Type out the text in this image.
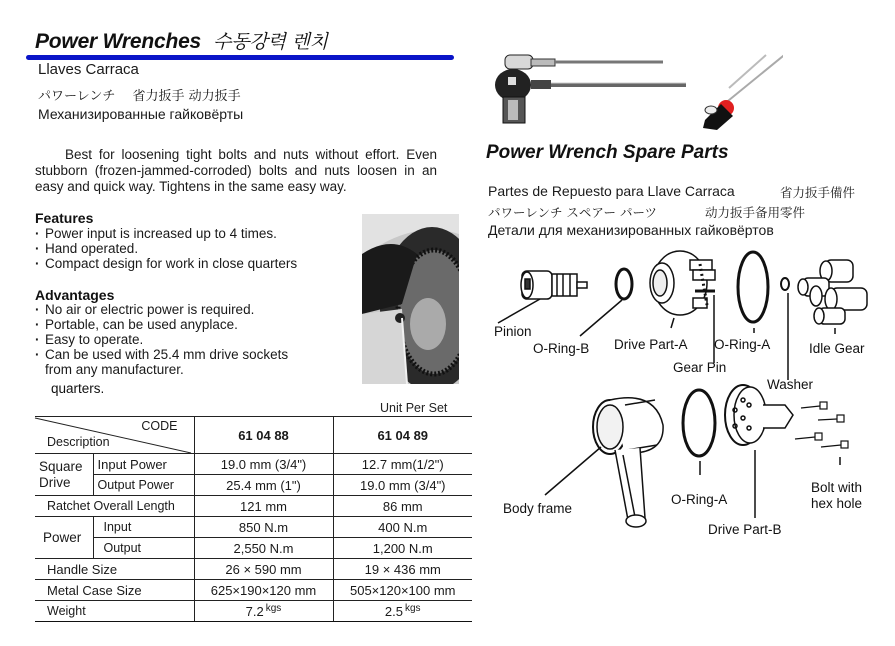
Power Wrenches 수동강력 렌치
Llaves Carraca
パワーレンチ　 省力扳手 动力扳手
Механизированные гайковёрты

Best for loosening tight bolts and nuts without effort. Even stubborn (frozen-jammed-corroded) bolts and nuts loosen in an easy and quick way. Tightens in the same easy way.

Features
· Power input is increased up to 4 times.
· Hand operated.
· Compact design for work in close quarters
Advantages
· No air or electric power is required.
· Portable, can be used anyplace.
· Easy to operate.
· Can be used with 25.4 mm drive sockets
from any manufacturer.
quarters.
Unit Per Set
CODE
Description		61 04 88	61 04 89
Square
Drive	Input Power	19.0 mm (3/4")	12.7 mm(1/2")
	Output Power	25.4 mm (1")	19.0 mm (3/4")
Ratchet Overall Length		121 mm	86 mm
Power	Input	850 N.m	400 N.m
	Output	2,550 N.m	1,200 N.m
Handle Size		26 × 590 mm	19 × 436 mm
Metal Case Size		625×190×120 mm	505×120×100 mm
Weight		7.2 $^{kgs}$	2.5 $^{kgs}$
Power Wrench Spare Parts
Partes de Repuesto para Llave Carraca	省力扳手備件
パワーレンチ スペアー パーツ	动力扳手备用零件
Детали для механизированных гайковёртов
Pinion
O-Ring-B Drive Part-A O-Ring-A	Idle Gear
Gear Pin
Washer
Body frame
O-Ring-A
Drive Part-B
Bolt with
hex hole
